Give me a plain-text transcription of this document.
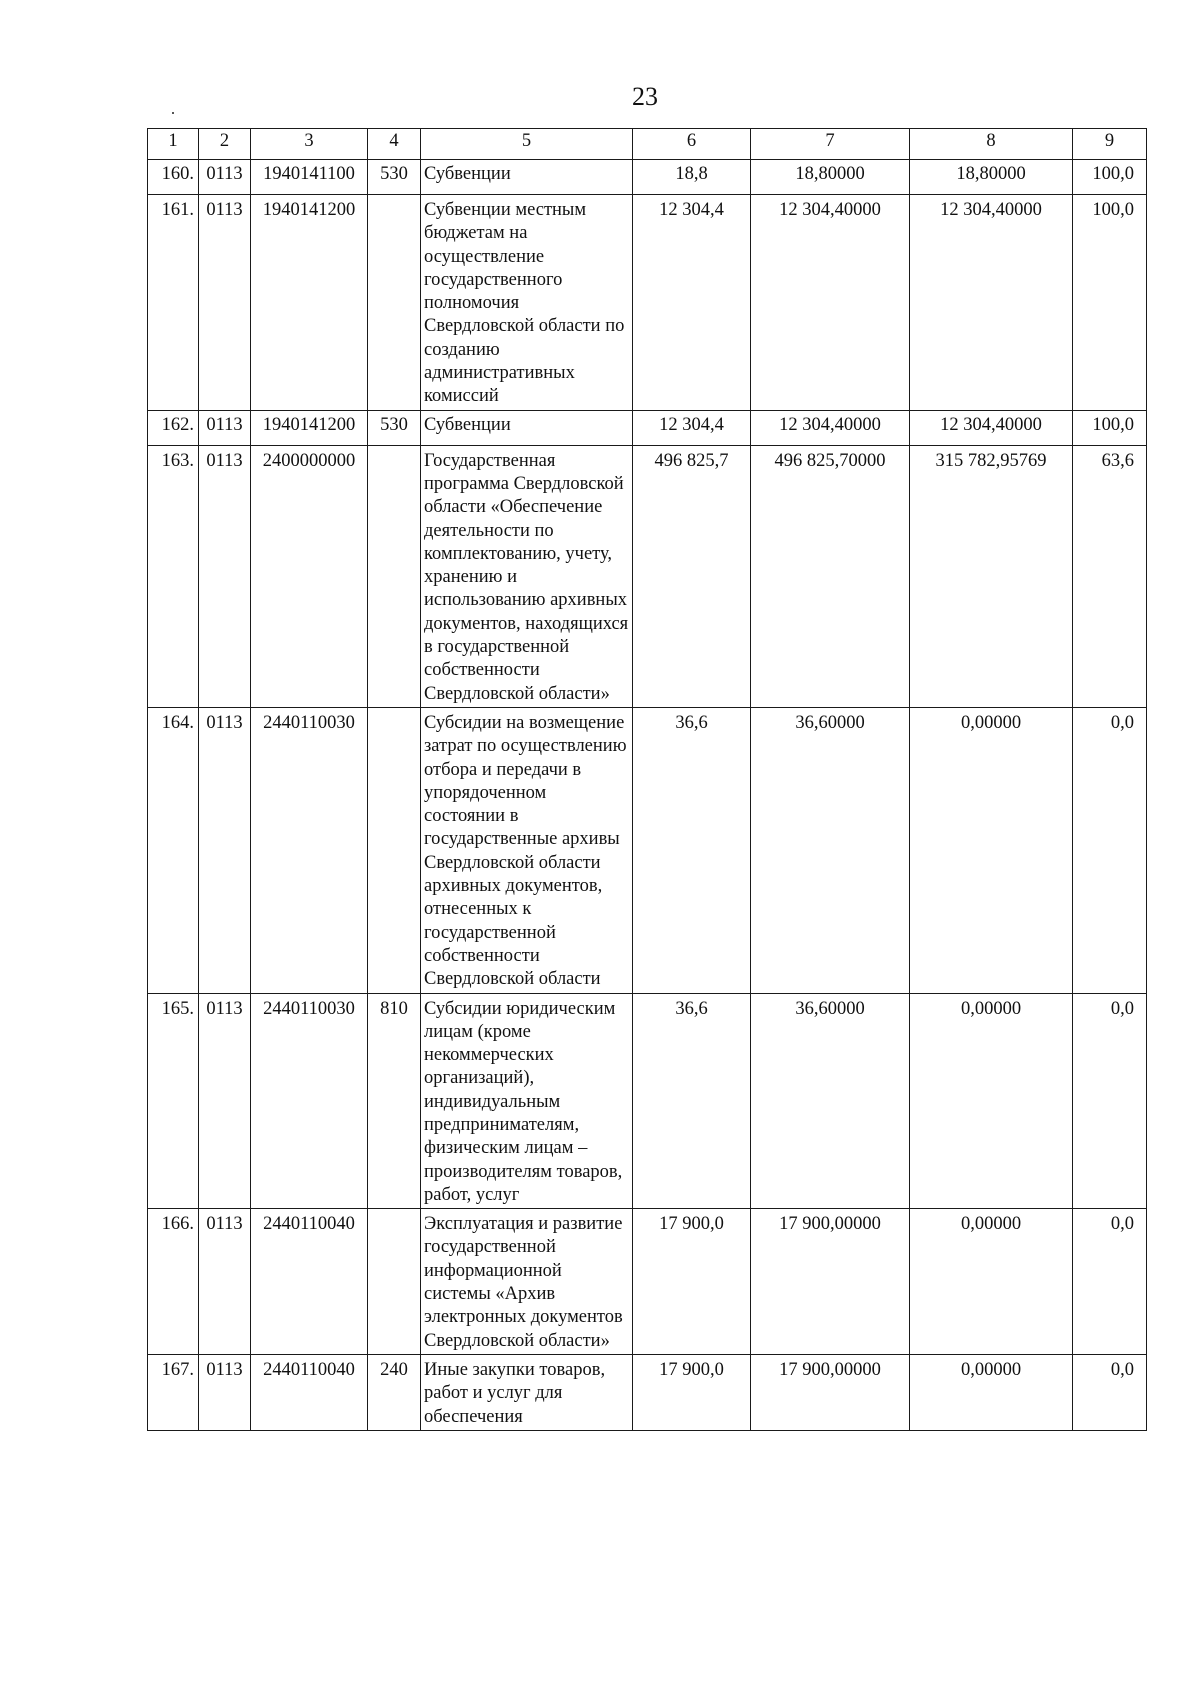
23
1	2	3	4	5	6	7	8	9
160.	0113	1940141100	530	Субвенции	18,8	18,80000	18,80000	100,0
161.	0113	1940141200		Субвенции местным бюджетам на осуществление государственного полномочия Свердловской области по созданию административных комиссий	12 304,4	12 304,40000	12 304,40000	100,0
162.	0113	1940141200	530	Субвенции	12 304,4	12 304,40000	12 304,40000	100,0
163.	0113	2400000000		Государственная программа Свердловской области «Обеспечение деятельности по комплектованию, учету, хранению и использованию архивных документов, находящихся в государственной собственности Свердловской области»	496 825,7	496 825,70000	315 782,95769	63,6
164.	0113	2440110030		Субсидии на возмещение затрат по осуществлению отбора и передачи в упорядоченном состоянии в государственные архивы Свердловской области архивных документов, отнесенных к государственной собственности Свердловской области	36,6	36,60000	0,00000	0,0
165.	0113	2440110030	810	Субсидии юридическим лицам (кроме некоммерческих организаций), индивидуальным предпринимателям, физическим лицам – производителям товаров, работ, услуг	36,6	36,60000	0,00000	0,0
166.	0113	2440110040		Эксплуатация и развитие государственной информационной системы «Архив электронных документов Свердловской области»	17 900,0	17 900,00000	0,00000	0,0
167.	0113	2440110040	240	Иные закупки товаров, работ и услуг для обеспечения	17 900,0	17 900,00000	0,00000	0,0
